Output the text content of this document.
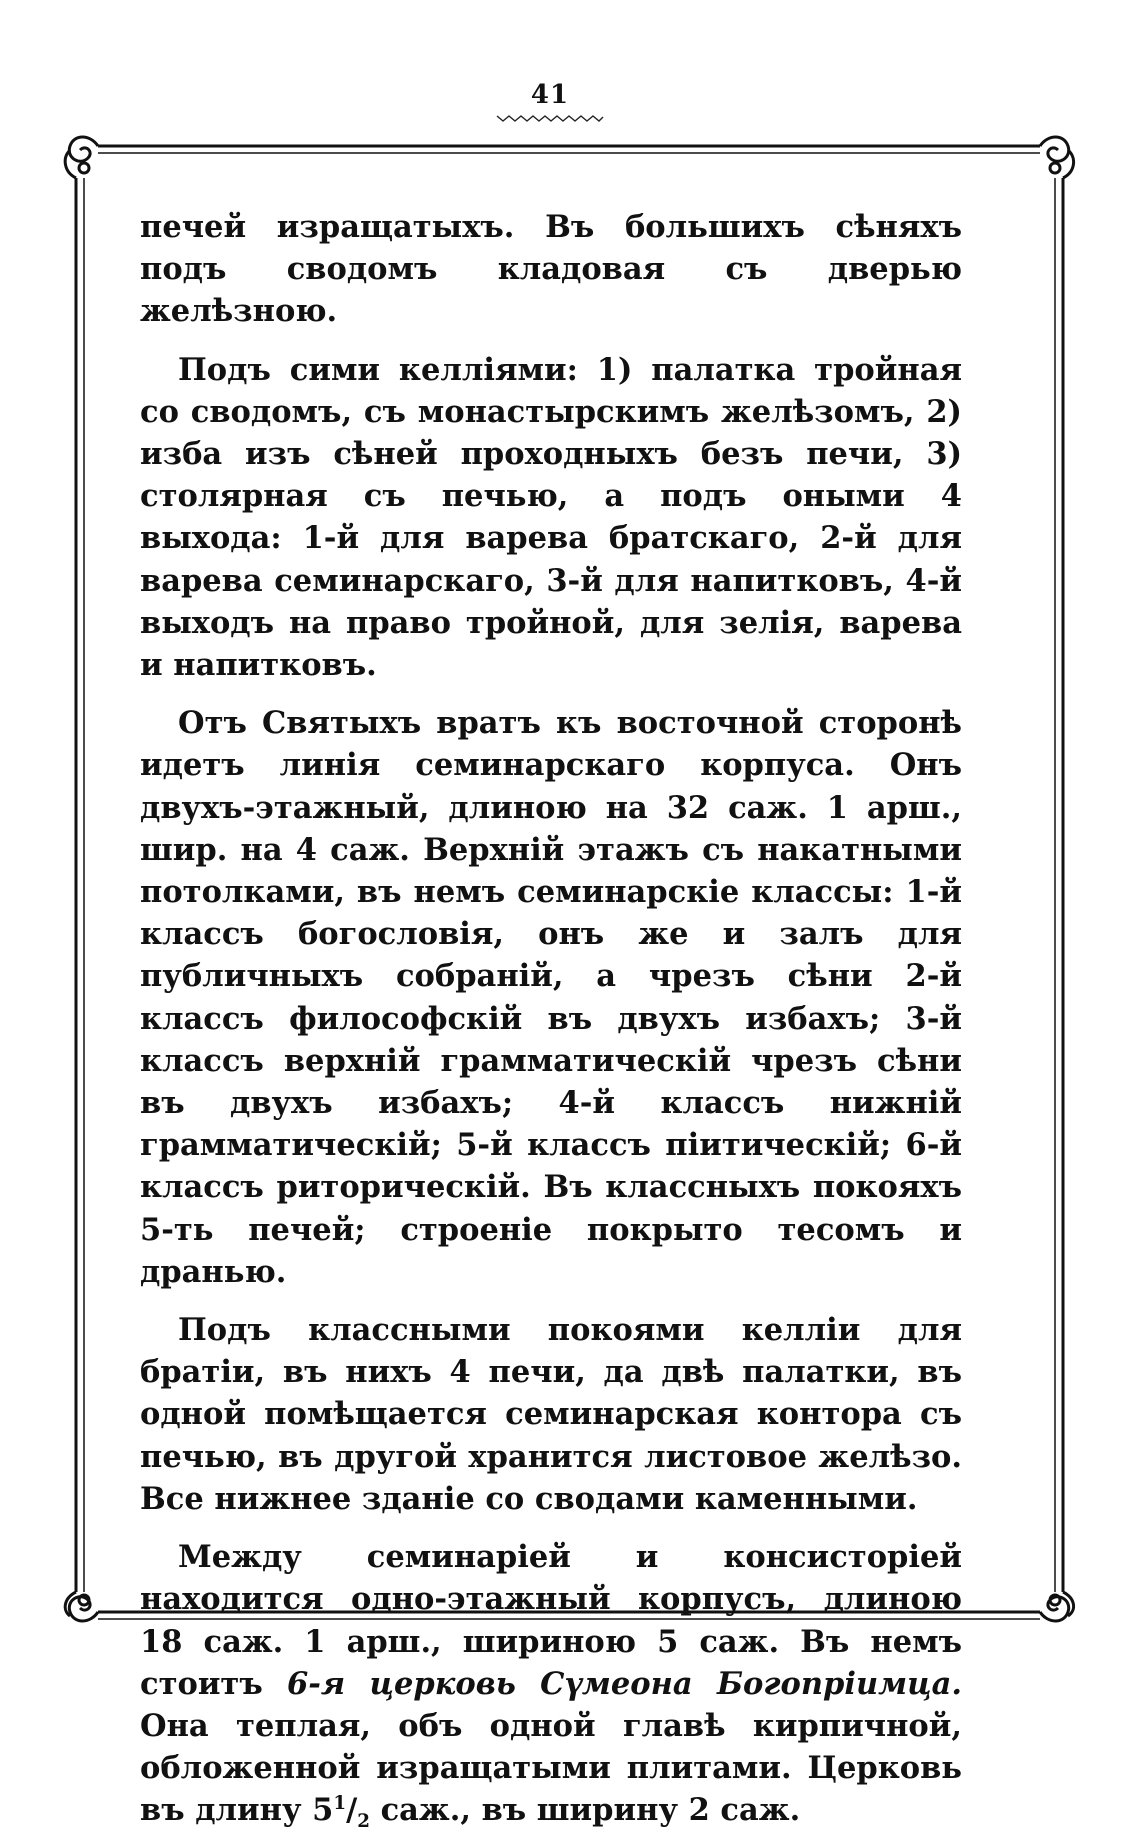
41

печей изращатыхъ. Въ большихъ сѣняхъ подъ сводомъ кладовая съ дверью желѣзною.

Подъ сими келліями: 1) палатка тройная со сводомъ, съ монастырскимъ желѣзомъ, 2) изба изъ сѣней проходныхъ безъ печи, 3) столярная съ печью, а подъ оными 4 выхода: 1-й для варева братскаго, 2-й для варева семинарскаго, 3-й для напитковъ, 4-й выходъ на право тройной, для зелія, варева и напитковъ.

Отъ Святыхъ вратъ къ восточной сторонѣ идетъ линія семинарскаго корпуса. Онъ двухъ-этажный, длиною на 32 саж. 1 арш., шир. на 4 саж. Верхній этажъ съ накатными потолками, въ немъ семинарскіе классы: 1-й классъ богословія, онъ же и залъ для публичныхъ собраній, а чрезъ сѣни 2-й классъ философскій въ двухъ избахъ; 3-й классъ верхній грамматическій чрезъ сѣни въ двухъ избахъ; 4-й классъ нижній грамматическій; 5-й классъ піитическій; 6-й классъ риторическій. Въ классныхъ покояхъ 5-ть печей; строеніе покрыто тесомъ и дранью.

Подъ классными покоями келліи для братіи, въ нихъ 4 печи, да двѣ палатки, въ одной помѣщается семинарская контора съ печью, въ другой хранится листовое желѣзо. Все нижнее зданіе со сводами каменными.

Между семинаріей и консисторіей находится одно-этажный корпусъ, длиною 18 саж. 1 арш., шириною 5 саж. Въ немъ стоитъ 6-я церковь Сүмеона Богопріимца. Она теплая, объ одной главѣ кирпичной, обложенной изращатыми плитами. Церковь въ длину $5^1/_2$ саж., въ ширину 2 саж.
